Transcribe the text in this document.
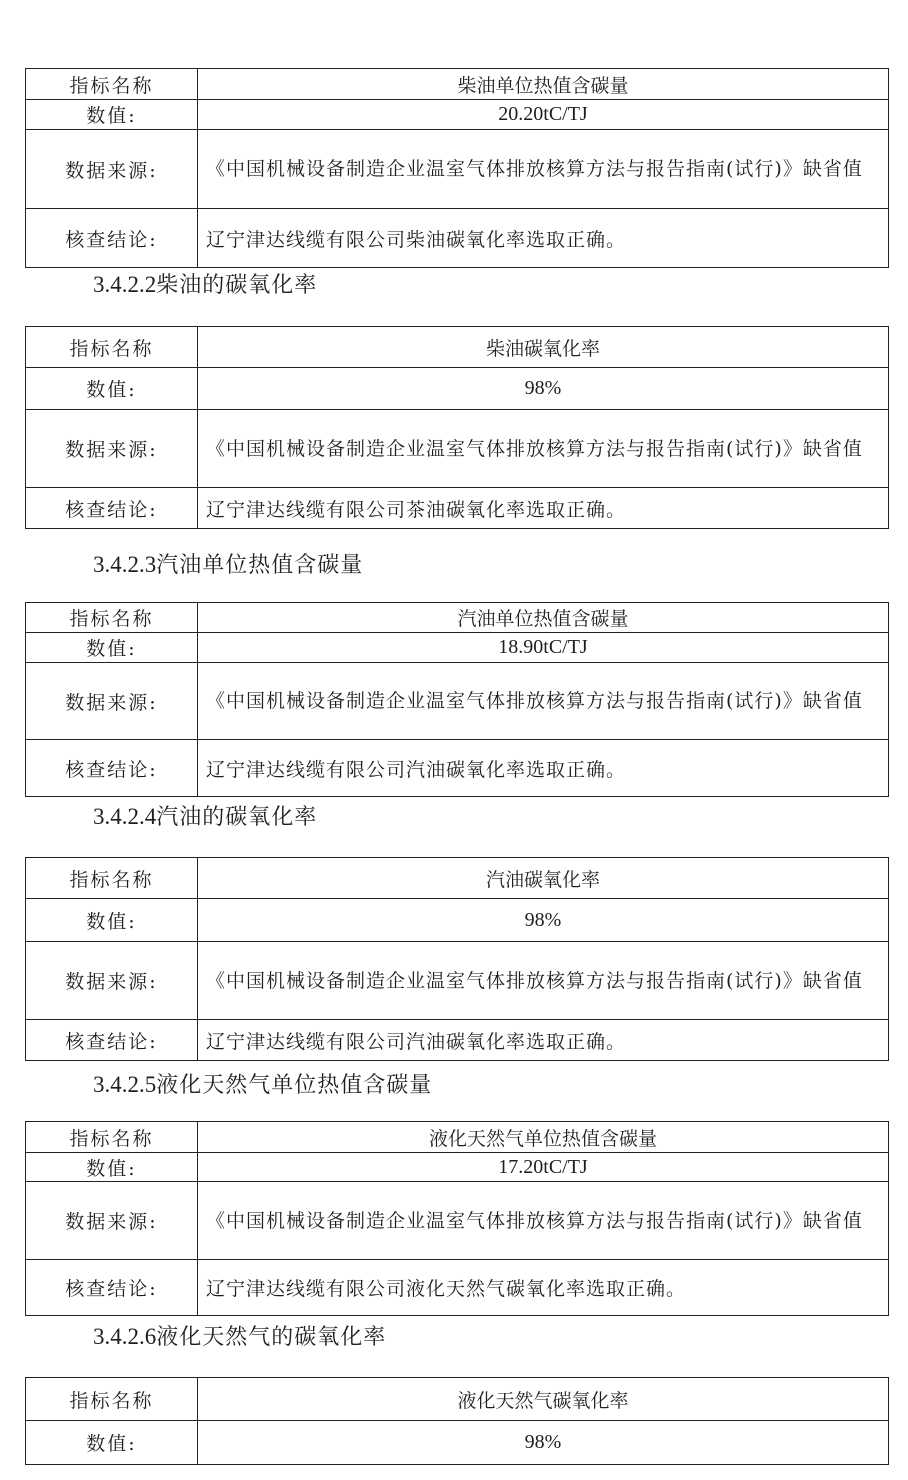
指标名称	柴油单位热值含碳量
数值:	20.20tC/TJ
数据来源:	《中国机械设备制造企业温室气体排放核算方法与报告指南(试行)》缺省值
核查结论:	辽宁津达线缆有限公司柴油碳氧化率选取正确。
3.4.2.2柴油的碳氧化率
指标名称	柴油碳氧化率
数值:	98%
数据来源:	《中国机械设备制造企业温室气体排放核算方法与报告指南(试行)》缺省值
核查结论:	辽宁津达线缆有限公司茶油碳氧化率选取正确。
3.4.2.3汽油单位热值含碳量
指标名称	汽油单位热值含碳量
数值:	18.90tC/TJ
数据来源:	《中国机械设备制造企业温室气体排放核算方法与报告指南(试行)》缺省值
核查结论:	辽宁津达线缆有限公司汽油碳氧化率选取正确。
3.4.2.4汽油的碳氧化率
指标名称	汽油碳氧化率
数值:	98%
数据来源:	《中国机械设备制造企业温室气体排放核算方法与报告指南(试行)》缺省值
核查结论:	辽宁津达线缆有限公司汽油碳氧化率选取正确。
3.4.2.5液化天然气单位热值含碳量
指标名称	液化天然气单位热值含碳量
数值:	17.20tC/TJ
数据来源:	《中国机械设备制造企业温室气体排放核算方法与报告指南(试行)》缺省值
核查结论:	辽宁津达线缆有限公司液化天然气碳氧化率选取正确。
3.4.2.6液化天然气的碳氧化率
指标名称	液化天然气碳氧化率
数值:	98%
